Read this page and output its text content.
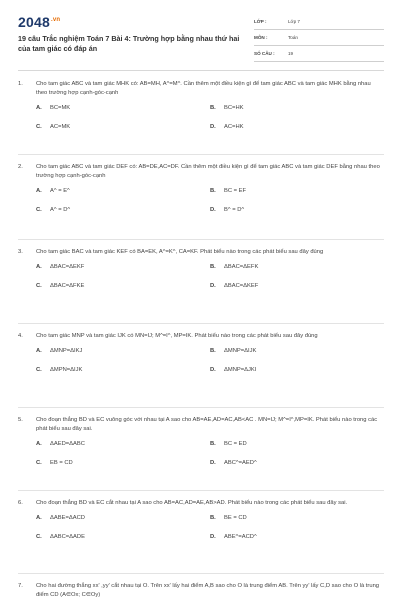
$2048^{.vn}$
19 câu Trắc nghiệm Toán 7 Bài 4: Trường hợp bằng nhau thứ hai của tam giác có đáp án
LỚP :	Lớp 7
MÔN :	Toán
SỐ CÂU :	19
1.	Cho tam giác ABC và tam giác MHK có: AB=MH, A^=M^. Cần thêm một điều kiện gì để tam giác ABC và tam giác MHK bằng nhau theo trường hợp cạnh-góc-cạnh
A.	BC=MK	B.	BC=HK
C.	AC=MK	D.	AC=HK
2.	Cho tam giác ABC và tam giác DEF có: AB=DE,AC=DF. Cần thêm một điều kiện gì để tam giác ABC và tam giác DEF bằng nhau theo trường hợp cạnh-góc-cạnh
A.	A^ = E^	B.	BC = EF
C.	A^ = D^	D.	B^ = D^
3.	Cho tam giác BAC và tam giác KEF có BA=EK, A^=K^, CA=KF. Phát biểu nào trong các phát biểu sau đây đúng
A.	ΔBAC=ΔEKF	B.	ΔBAC=ΔEFK
C.	ΔBAC=ΔFKE	D.	ΔBAC=ΔKEF
4.	Cho tam giác MNP và tam giác IJK có MN=IJ; M^=I^, MP=IK. Phát biểu nào trong các phát biểu sau đây đúng
A.	ΔMNP=ΔIKJ	B.	ΔMNP=ΔIJK
C.	ΔMPN=ΔIJK	D.	ΔMNP=ΔJKI
5.	Cho đoạn thẳng BD và EC vuông góc với nhau tại A sao cho AB=AE,AD=AC,AB<AC . MN=IJ; M^=I^,MP=IK. Phát biểu nào trong các phát biểu sau đây sai.
A.	ΔAED=ΔABC	B.	BC = ED
C.	EB = CD	D.	ABC^=AED^
6.	Cho đoạn thẳng BD và EC cắt nhau tại A sao cho AB=AC,AD=AE,AB>AD. Phát biểu nào trong các phát biểu sau đây sai.
A.	ΔABE=ΔACD	B.	BE = CD
C.	ΔABC=ΔADE	D.	ABE^=ACD^
7.	Cho hai đường thẳng xx' ,yy' cắt nhau tại O. Trên xx' lấy hai điểm A,B sao cho O là trung điểm AB. Trên yy' lấy C,D sao cho O là trung điểm CD (A∈Ox; C∈Oy)
